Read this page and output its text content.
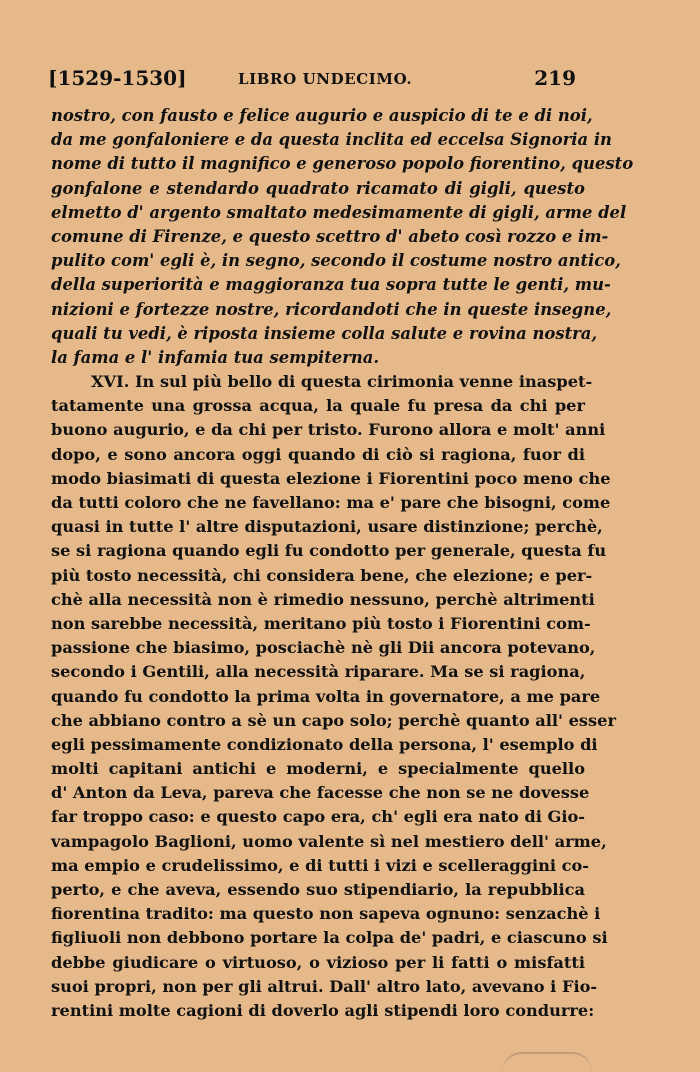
[1529-1530]	LIBRO UNDECIMO.	219
nostro, con fausto e felice augurio e auspicio di te e di noi,
da me gonfaloniere e da questa inclita ed eccelsa Signoria in
nome di tutto il magnifico e generoso popolo fiorentino, questo
gonfalone e stendardo quadrato ricamato di gigli, questo
elmetto d' argento smaltato medesimamente di gigli, arme del
comune di Firenze, e questo scettro d' abeto così rozzo e im-
pulito com' egli è, in segno, secondo il costume nostro antico,
della superiorità e maggioranza tua sopra tutte le genti, mu-
nizioni e fortezze nostre, ricordandoti che in queste insegne,
quali tu vedi, è riposta insieme colla salute e rovina nostra,
la fama e l' infamia tua sempiterna.
XVI. In sul più bello di questa cirimonia venne inaspet-
tatamente una grossa acqua, la quale fu presa da chi per
buono augurio, e da chi per tristo. Furono allora e molt' anni
dopo, e sono ancora oggi quando di ciò si ragiona, fuor di
modo biasimati di questa elezione i Fiorentini poco meno che
da tutti coloro che ne favellano: ma e' pare che bisogni, come
quasi in tutte l' altre disputazioni, usare distinzione; perchè,
se si ragiona quando egli fu condotto per generale, questa fu
più tosto necessità, chi considera bene, che elezione; e per-
chè alla necessità non è rimedio nessuno, perchè altrimenti
non sarebbe necessità, meritano più tosto i Fiorentini com-
passione che biasimo, posciachè nè gli Dii ancora potevano,
secondo i Gentili, alla necessità riparare. Ma se si ragiona,
quando fu condotto la prima volta in governatore, a me pare
che abbiano contro a sè un capo solo; perchè quanto all' esser
egli pessimamente condizionato della persona, l' esemplo di
molti capitani antichi e moderni, e specialmente quello
d' Anton da Leva, pareva che facesse che non se ne dovesse
far troppo caso: e questo capo era, ch' egli era nato di Gio-
vampagolo Baglioni, uomo valente sì nel mestiero dell' arme,
ma empio e crudelissimo, e di tutti i vizi e scelleraggini co-
perto, e che aveva, essendo suo stipendiario, la repubblica
fiorentina tradito: ma questo non sapeva ognuno: senzachè i
figliuoli non debbono portare la colpa de' padri, e ciascuno si
debbe giudicare o virtuoso, o vizioso per li fatti o misfatti
suoi propri, non per gli altrui. Dall' altro lato, avevano i Fio-
rentini molte cagioni di doverlo agli stipendi loro condurre:
